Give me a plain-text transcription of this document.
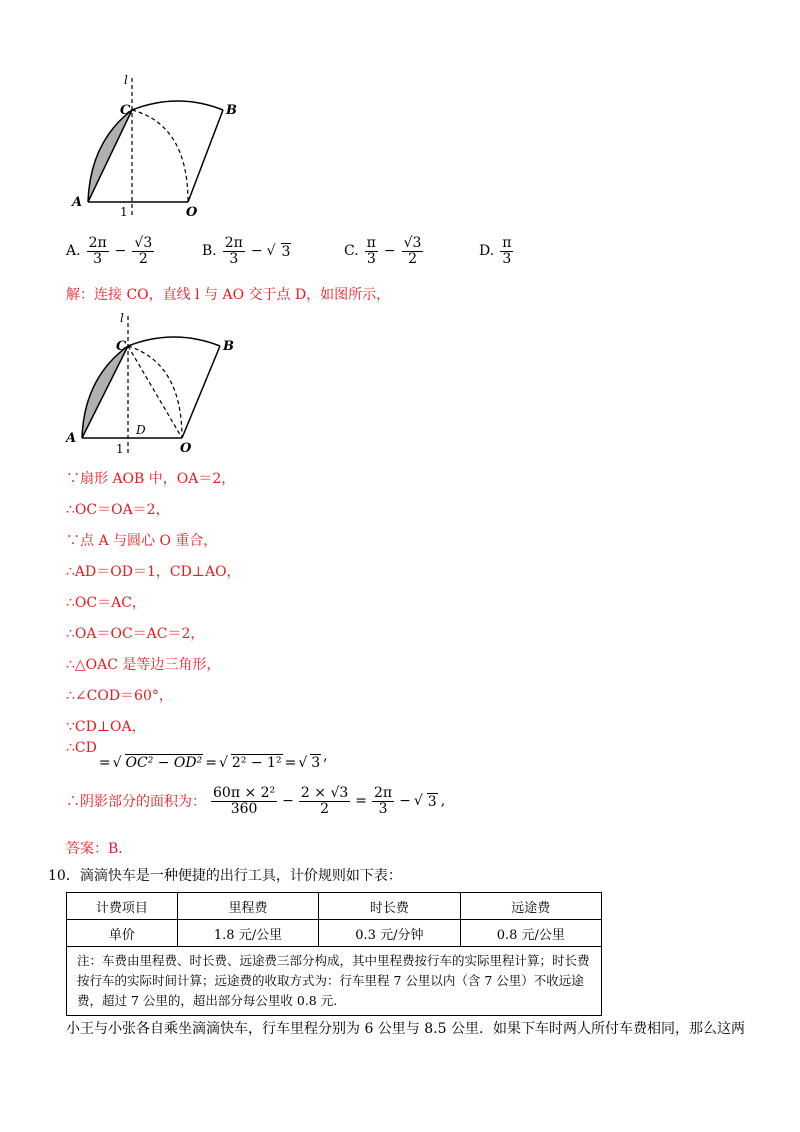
l
C	B
A
O
1
A. $\frac{2\pi}{3} - \frac{√3}{2}$	B. $\frac{2\pi}{3}$ − √ 3	C. $\frac{\pi}{3} - \frac{√3}{2}$	D. $\frac{\pi}{3}$
解：连接 CO，直线 l 与 AO 交于点 D，如图所示，
l
C	B
A
O
D
1
∵扇形 AOB 中，OA＝2，
∴OC＝OA＝2，
∵点 A 与圆心 O 重合，
∴AD＝OD＝1，CD⊥AO，
∴OC＝AC，
∴OA＝OC＝AC＝2，
∴△OAC 是等边三角形，
∴∠COD＝60°，
∵CD⊥OA，
∴CD
= √ OC² − OD² = √ 2² − 1² = √ 3 ,
∴阴影部分的面积为： $\frac{\text{60π × 2²}}{360} - \frac{2 \times √3}{2} = \frac{2\pi}{3}$ − √ 3 ,
答案：B．
10．滴滴快车是一种便捷的出行工具，计价规则如下表：
计费项目	里程费	时长费	远途费
单价	1.8 元/公里	0.3 元/分钟	0.8 元/公里
注：车费由里程费、时长费、远途费三部分构成，其中里程费按行车的实际里程计算；时长费按行车的实际时间计算；远途费的收取方式为：行车里程 7 公里以内（含 7 公里）不收远途费，超过 7 公里的，超出部分每公里收 0.8 元.			
小王与小张各自乘坐滴滴快车，行车里程分别为 6 公里与 8.5 公里．如果下车时两人所付车费相同，那么这两
